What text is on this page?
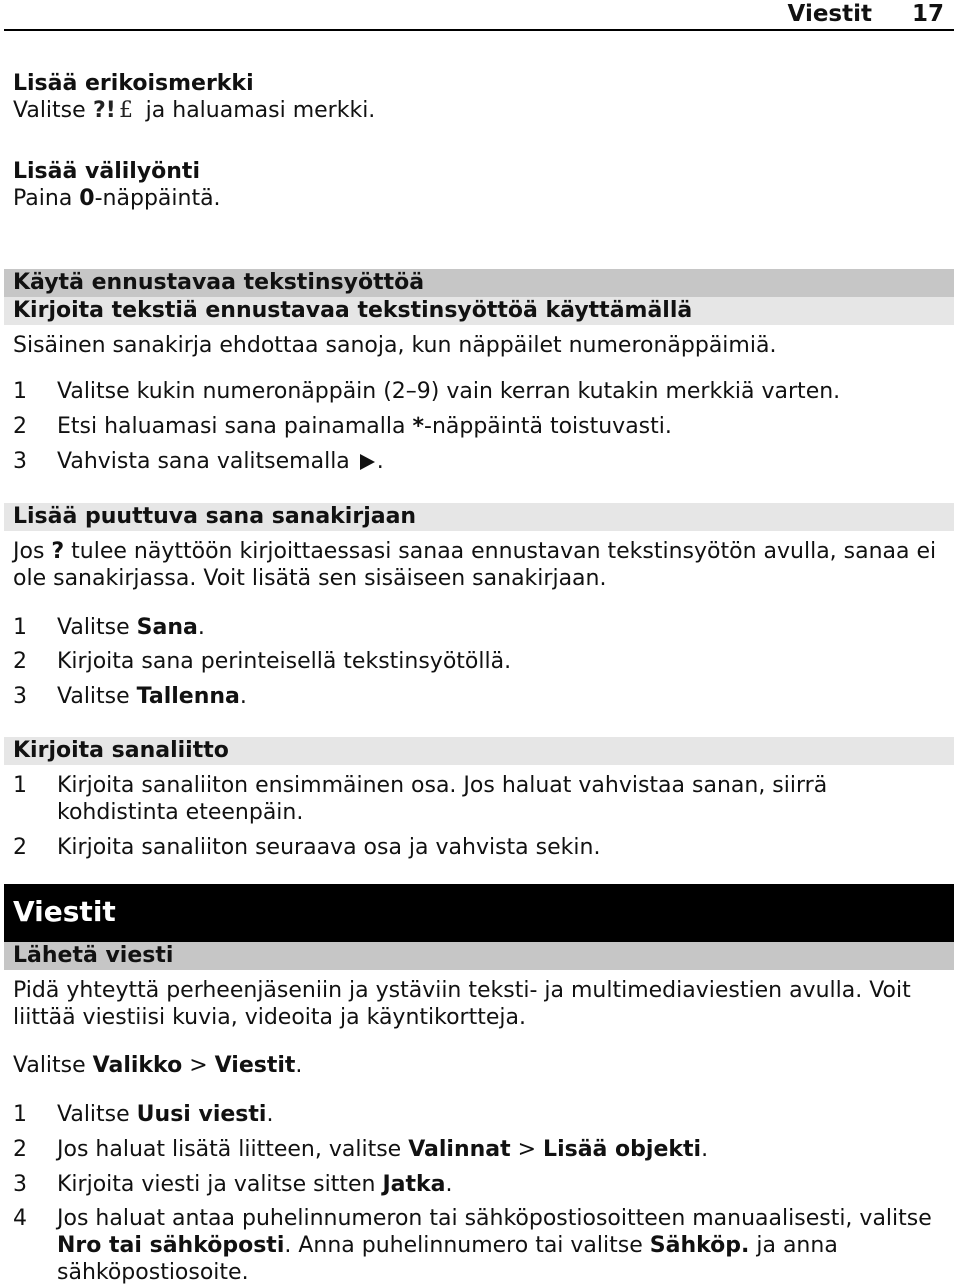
Viestit 17
Lisää erikoismerkki
Valitse ?! £ ja haluamasi merkki.
Lisää välilyönti
Paina 0-näppäintä.
Käytä ennustavaa tekstinsyöttöä
Kirjoita tekstiä ennustavaa tekstinsyöttöä käyttämällä
Sisäinen sanakirja ehdottaa sanoja, kun näppäilet numeronäppäimiä.
1	Valitse kukin numeronäppäin (2–9) vain kerran kutakin merkkiä varten.
2	Etsi haluamasi sana painamalla *-näppäintä toistuvasti.
3	Vahvista sana valitsemalla .
Lisää puuttuva sana sanakirjaan
Jos ? tulee näyttöön kirjoittaessasi sanaa ennustavan tekstinsyötön avulla, sanaa ei ole sanakirjassa. Voit lisätä sen sisäiseen sanakirjaan.
1	Valitse Sana.
2	Kirjoita sana perinteisellä tekstinsyötöllä.
3	Valitse Tallenna.
Kirjoita sanaliitto
1	Kirjoita sanaliiton ensimmäinen osa. Jos haluat vahvistaa sanan, siirrä kohdistinta eteenpäin.
2	Kirjoita sanaliiton seuraava osa ja vahvista sekin.
Viestit
Lähetä viesti
Pidä yhteyttä perheenjäseniin ja ystäviin teksti- ja multimediaviestien avulla. Voit liittää viestiisi kuvia, videoita ja käyntikortteja.
Valitse Valikko > Viestit.
1	Valitse Uusi viesti.
2	Jos haluat lisätä liitteen, valitse Valinnat > Lisää objekti.
3	Kirjoita viesti ja valitse sitten Jatka.
4	Jos haluat antaa puhelinnumeron tai sähköpostiosoitteen manuaalisesti, valitse Nro tai sähköposti. Anna puhelinnumero tai valitse Sähköp. ja anna sähköpostiosoite.
